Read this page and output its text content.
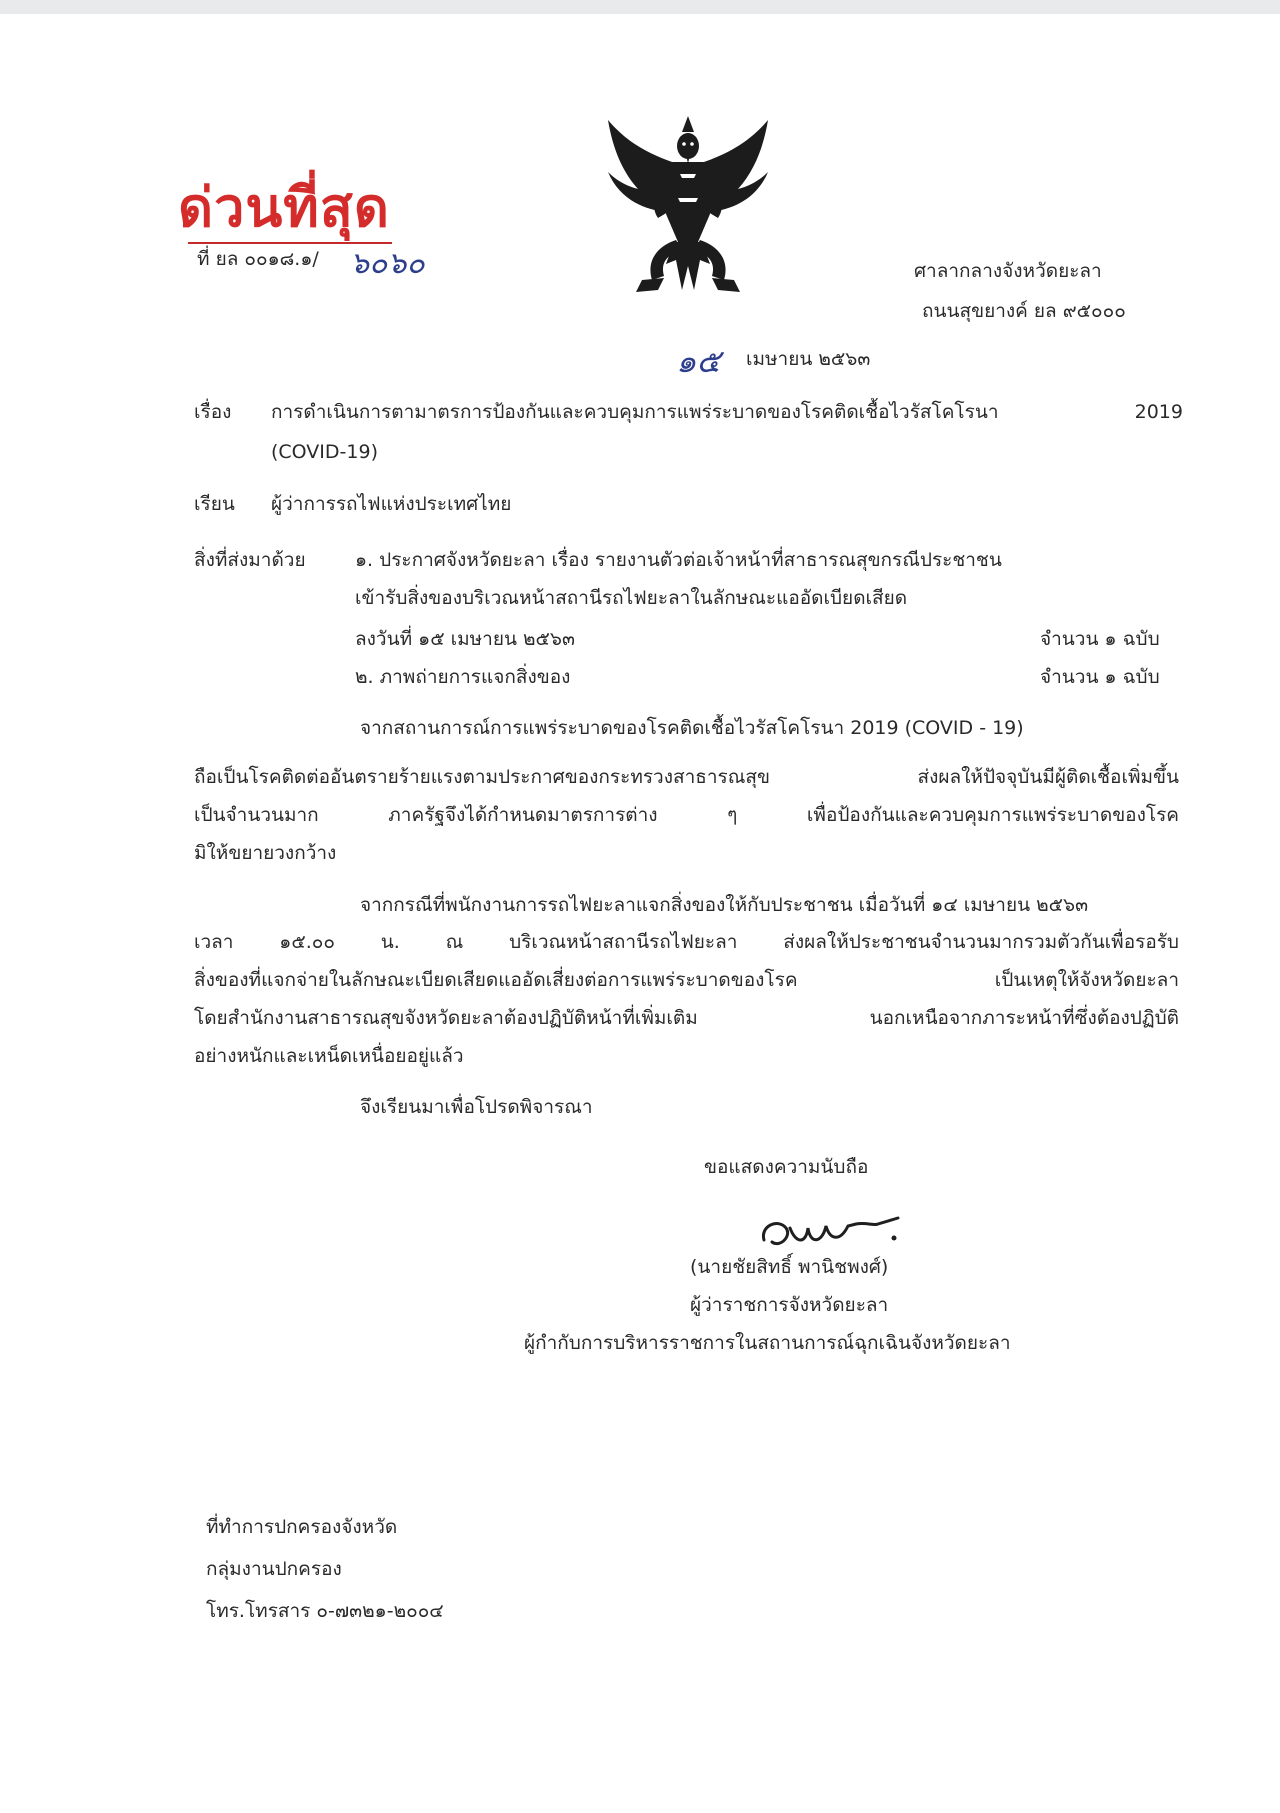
ด่วนที่สุด
ที่ ยล ๐๐๑๘.๑/ ๖๐๖๐	ศาลากลางจังหวัดยะลา
ถนนสุขยางค์ ยล ๙๕๐๐๐
๑๕ เมษายน ๒๕๖๓
เรื่อง การดำเนินการตามาตรการป้องกันและควบคุมการแพร่ระบาดของโรคติดเชื้อไวรัสโคโรนา 2019
(COVID-19)
เรียน ผู้ว่าการรถไฟแห่งประเทศไทย
สิ่งที่ส่งมาด้วย	๑. ประกาศจังหวัดยะลา เรื่อง รายงานตัวต่อเจ้าหน้าที่สาธารณสุขกรณีประชาชน
เข้ารับสิ่งของบริเวณหน้าสถานีรถไฟยะลาในลักษณะแออัดเบียดเสียด
ลงวันที่ ๑๕ เมษายน ๒๕๖๓	จำนวน ๑ ฉบับ
๒. ภาพถ่ายการแจกสิ่งของ	จำนวน ๑ ฉบับ
จากสถานการณ์การแพร่ระบาดของโรคติดเชื้อไวรัสโคโรนา 2019 (COVID - 19)
ถือเป็นโรคติดต่ออันตรายร้ายแรงตามประกาศของกระทรวงสาธารณสุข ส่งผลให้ปัจจุบันมีผู้ติดเชื้อเพิ่มขึ้น
เป็นจำนวนมาก ภาครัฐจึงได้กำหนดมาตรการต่าง ๆ เพื่อป้องกันและควบคุมการแพร่ระบาดของโรค
มิให้ขยายวงกว้าง
จากกรณีที่พนักงานการรถไฟยะลาแจกสิ่งของให้กับประชาชน เมื่อวันที่ ๑๔ เมษายน ๒๕๖๓
เวลา ๑๕.๐๐ น. ณ บริเวณหน้าสถานีรถไฟยะลา ส่งผลให้ประชาชนจำนวนมากรวมตัวกันเพื่อรอรับ
สิ่งของที่แจกจ่ายในลักษณะเบียดเสียดแออัดเสี่ยงต่อการแพร่ระบาดของโรค เป็นเหตุให้จังหวัดยะลา
โดยสำนักงานสาธารณสุขจังหวัดยะลาต้องปฏิบัติหน้าที่เพิ่มเติม นอกเหนือจากภาระหน้าที่ซึ่งต้องปฏิบัติ
อย่างหนักและเหน็ดเหนื่อยอยู่แล้ว
จึงเรียนมาเพื่อโปรดพิจารณา
ขอแสดงความนับถือ
(นายชัยสิทธิ์ พานิชพงศ์)
ผู้ว่าราชการจังหวัดยะลา
ผู้กำกับการบริหารราชการในสถานการณ์ฉุกเฉินจังหวัดยะลา
ที่ทำการปกครองจังหวัด
กลุ่มงานปกครอง
โทร.โทรสาร ๐-๗๓๒๑-๒๐๐๔
